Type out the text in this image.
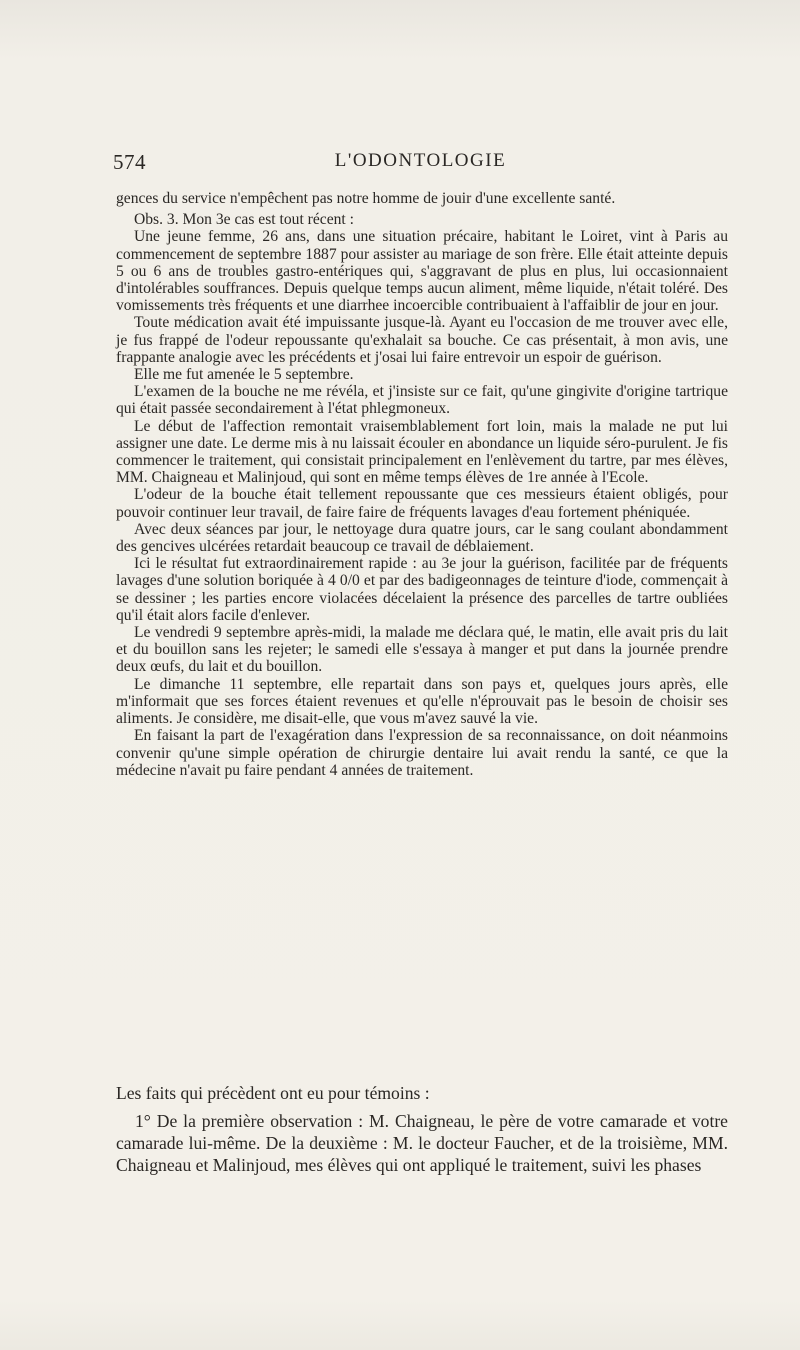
574	L'ODONTOLOGIE

gences du service n'empêchent pas notre homme de jouir d'une excellente santé.

Obs. 3. Mon 3e cas est tout récent :

Une jeune femme, 26 ans, dans une situation précaire, habitant le Loiret, vint à Paris au commencement de septembre 1887 pour assister au mariage de son frère. Elle était atteinte depuis 5 ou 6 ans de troubles gastro-entériques qui, s'aggravant de plus en plus, lui occasionnaient d'intolérables souffrances. Depuis quelque temps aucun aliment, même liquide, n'était toléré. Des vomissements très fréquents et une diarrhee incoercible contribuaient à l'affaiblir de jour en jour.

Toute médication avait été impuissante jusque-là. Ayant eu l'occasion de me trouver avec elle, je fus frappé de l'odeur repoussante qu'exhalait sa bouche. Ce cas présentait, à mon avis, une frappante analogie avec les précédents et j'osai lui faire entrevoir un espoir de guérison.

Elle me fut amenée le 5 septembre.

L'examen de la bouche ne me révéla, et j'insiste sur ce fait, qu'une gingivite d'origine tartrique qui était passée secondairement à l'état phlegmoneux.

Le début de l'affection remontait vraisemblablement fort loin, mais la malade ne put lui assigner une date. Le derme mis à nu laissait écouler en abondance un liquide séro-purulent. Je fis commencer le traitement, qui consistait principalement en l'enlèvement du tartre, par mes élèves, MM. Chaigneau et Malinjoud, qui sont en même temps élèves de 1re année à l'Ecole.

L'odeur de la bouche était tellement repoussante que ces messieurs étaient obligés, pour pouvoir continuer leur travail, de faire faire de fréquents lavages d'eau fortement phéniquée.

Avec deux séances par jour, le nettoyage dura quatre jours, car le sang coulant abondamment des gencives ulcérées retardait beaucoup ce travail de déblaiement.

Ici le résultat fut extraordinairement rapide : au 3e jour la guérison, facilitée par de fréquents lavages d'une solution boriquée à 4 0/0 et par des badigeonnages de teinture d'iode, commençait à se dessiner ; les parties encore violacées décelaient la présence des parcelles de tartre oubliées qu'il était alors facile d'enlever.

Le vendredi 9 septembre après-midi, la malade me déclara qué, le matin, elle avait pris du lait et du bouillon sans les rejeter; le samedi elle s'essaya à manger et put dans la journée prendre deux œufs, du lait et du bouillon.

Le dimanche 11 septembre, elle repartait dans son pays et, quelques jours après, elle m'informait que ses forces étaient revenues et qu'elle n'éprouvait pas le besoin de choisir ses aliments. Je considère, me disait-elle, que vous m'avez sauvé la vie.

En faisant la part de l'exagération dans l'expression de sa reconnaissance, on doit néanmoins convenir qu'une simple opération de chirurgie dentaire lui avait rendu la santé, ce que la médecine n'avait pu faire pendant 4 années de traitement.

Les faits qui précèdent ont eu pour témoins :

1° De la première observation : M. Chaigneau, le père de votre camarade et votre camarade lui-même. De la deuxième : M. le docteur Faucher, et de la troisième, MM. Chaigneau et Malinjoud, mes élèves qui ont appliqué le traitement, suivi les phases
